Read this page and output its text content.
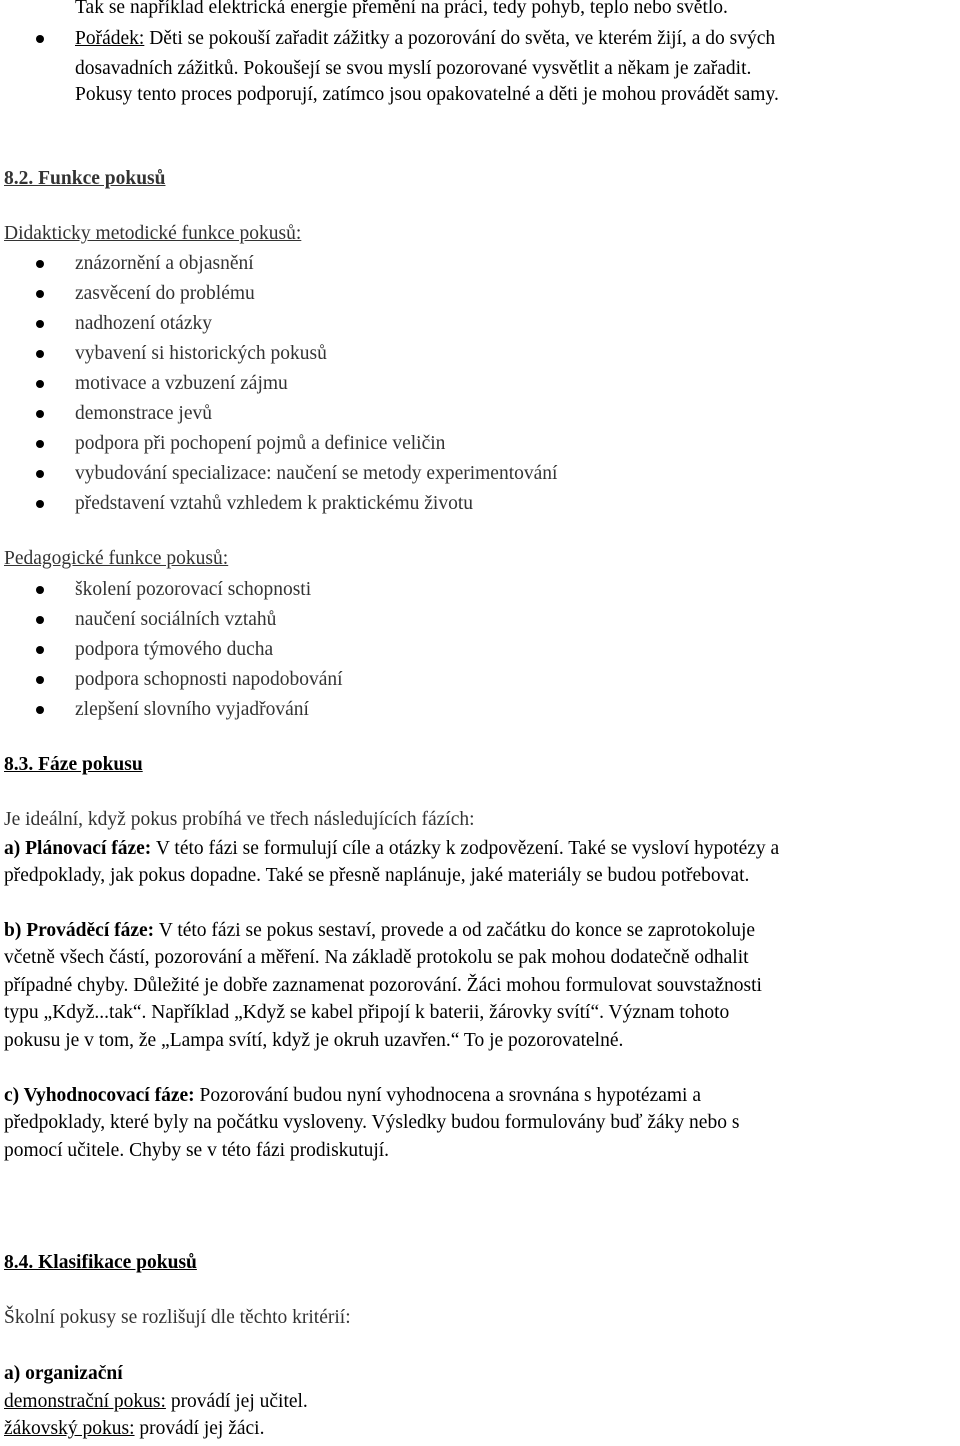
Tak se například elektrická energie přemění na práci, tedy pohyb, teplo nebo světlo.
Pořádek: Děti se pokouší zařadit zážitky a pozorování do světa, ve kterém žijí, a do svých
dosavadních zážitků. Pokoušejí se svou myslí pozorované vysvětlit a někam je zařadit.
Pokusy tento proces podporují, zatímco jsou opakovatelné a děti je mohou provádět samy.
8.2. Funkce pokusů
Didakticky metodické funkce pokusů:
znázornění a objasnění
zasvěcení do problému
nadhození otázky
vybavení si historických pokusů
motivace a vzbuzení zájmu
demonstrace jevů
podpora při pochopení pojmů a definice veličin
vybudování specializace: naučení se metody experimentování
představení vztahů vzhledem k praktickému životu
Pedagogické funkce pokusů:
školení pozorovací schopnosti
naučení sociálních vztahů
podpora týmového ducha
podpora schopnosti napodobování
zlepšení slovního vyjadřování
8.3. Fáze pokusu
Je ideální, když pokus probíhá ve třech následujících fázích:
a) Plánovací fáze: V této fázi se formulují cíle a otázky k zodpovězení. Také se vysloví hypotézy a
předpoklady, jak pokus dopadne. Také se přesně naplánuje, jaké materiály se budou potřebovat.
b) Prováděcí fáze: V této fázi se pokus sestaví, provede a od začátku do konce se zaprotokoluje
včetně všech částí, pozorování a měření. Na základě protokolu se pak mohou dodatečně odhalit
případné chyby. Důležité je dobře zaznamenat pozorování. Žáci mohou formulovat souvstažnosti
typu „Když...tak“. Například „Když se kabel připojí k baterii, žárovky svítí“. Význam tohoto
pokusu je v tom, že „Lampa svítí, když je okruh uzavřen.“ To je pozorovatelné.
c) Vyhodnocovací fáze: Pozorování budou nyní vyhodnocena a srovnána s hypotézami a
předpoklady, které byly na počátku vysloveny. Výsledky budou formulovány buď žáky nebo s
pomocí učitele. Chyby se v této fázi prodiskutují.
8.4. Klasifikace pokusů
Školní pokusy se rozlišují dle těchto kritérií:
a) organizační
demonstrační pokus: provádí jej učitel.
žákovský pokus: provádí jej žáci.
